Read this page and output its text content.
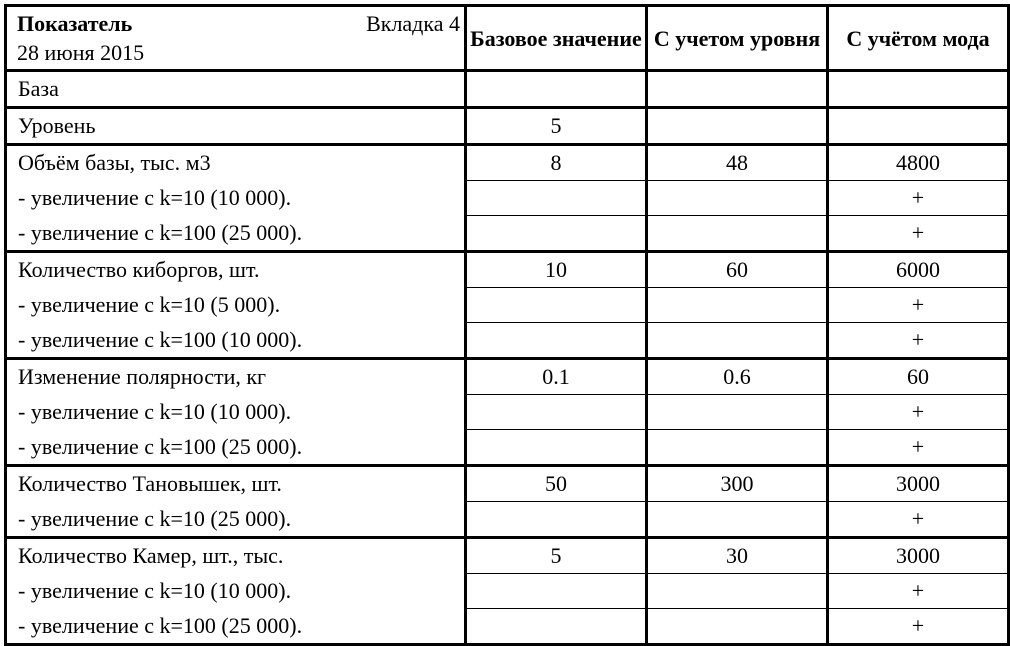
Показатель
28 июня 2015
Вкладка 4	Базовое значение	С учетом уровня	С учётом мода
База			
Уровень	5		
Объём базы, тыс. м3	8	48	4800
- увеличение с k=10 (10 000).			+
- увеличение с k=100 (25 000).			+
Количество киборгов, шт.	10	60	6000
- увеличение с k=10 (5 000).			+
- увеличение с k=100 (10 000).			+
Изменение полярности, кг	0.1	0.6	60
- увеличение с k=10 (10 000).			+
- увеличение с k=100 (25 000).			+
Количество Тановышек, шт.	50	300	3000
- увеличение с k=10 (25 000).			+
Количество Камер, шт., тыс.	5	30	3000
- увеличение с k=10 (10 000).			+
- увеличение с k=100 (25 000).			+
